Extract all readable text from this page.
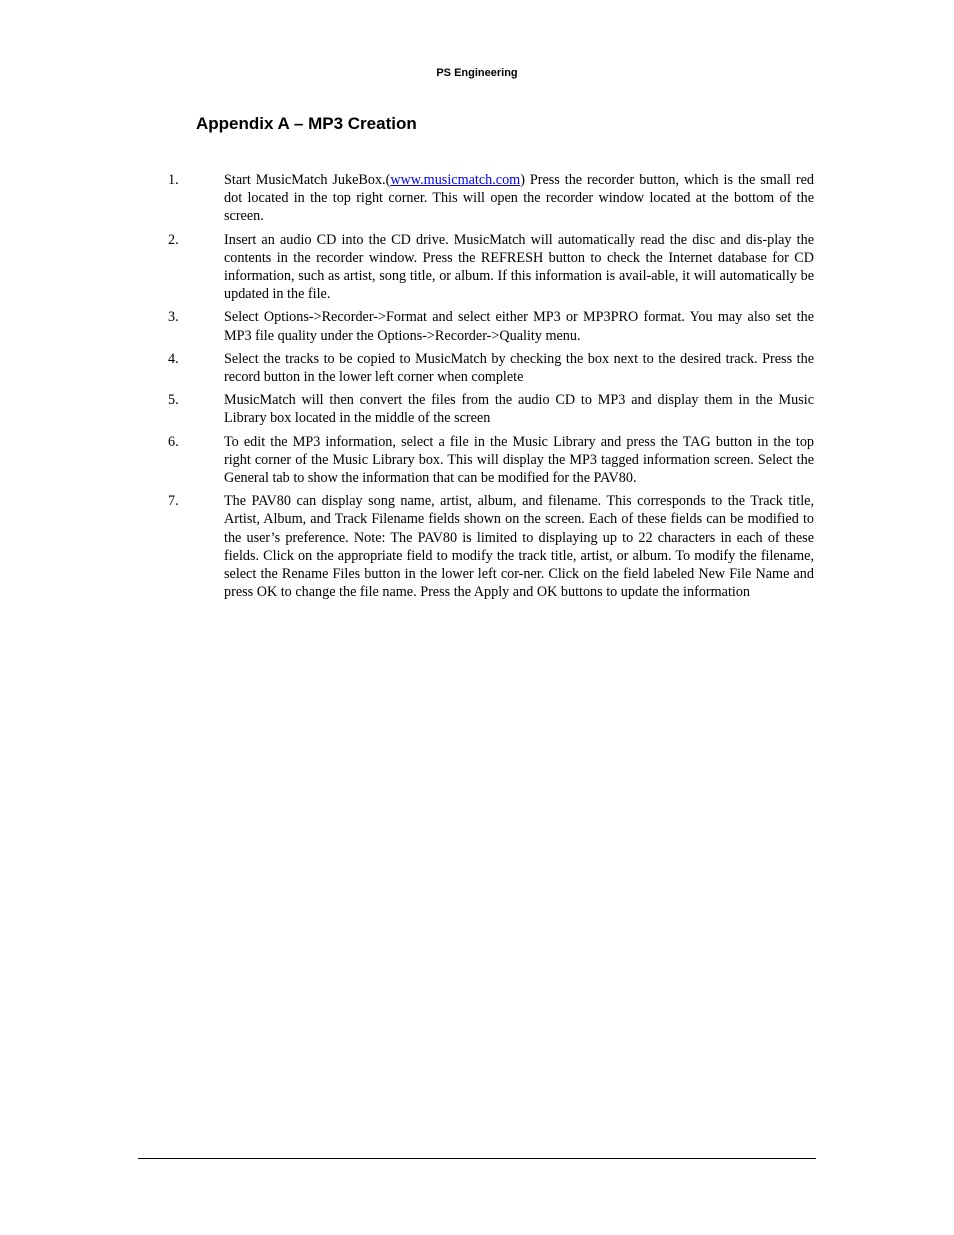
PS Engineering
Appendix A – MP3 Creation
1.	Start MusicMatch JukeBox.(www.musicmatch.com) Press the recorder button, which is the small red dot located in the top right corner. This will open the recorder window located at the bottom of the screen.
2.	Insert an audio CD into the CD drive. MusicMatch will automatically read the disc and dis-play the contents in the recorder window. Press the REFRESH button to check the Internet database for CD information, such as artist, song title, or album. If this information is avail-able, it will automatically be updated in the file.
3.	Select Options->Recorder->Format and select either MP3 or MP3PRO format. You may also set the MP3 file quality under the Options->Recorder->Quality menu.
4.	Select the tracks to be copied to MusicMatch by checking the box next to the desired track. Press the record button in the lower left corner when complete
5.	MusicMatch will then convert the files from the audio CD to MP3 and display them in the Music Library box located in the middle of the screen
6.	To edit the MP3 information, select a file in the Music Library and press the TAG button in the top right corner of the Music Library box. This will display the MP3 tagged information screen. Select the General tab to show the information that can be modified for the PAV80.
7.	The PAV80 can display song name, artist, album, and filename. This corresponds to the Track title, Artist, Album, and Track Filename fields shown on the screen. Each of these fields can be modified to the user’s preference. Note: The PAV80 is limited to displaying up to 22 characters in each of these fields. Click on the appropriate field to modify the track title, artist, or album. To modify the filename, select the Rename Files button in the lower left cor-ner. Click on the field labeled New File Name and press OK to change the file name. Press the Apply and OK buttons to update the information
